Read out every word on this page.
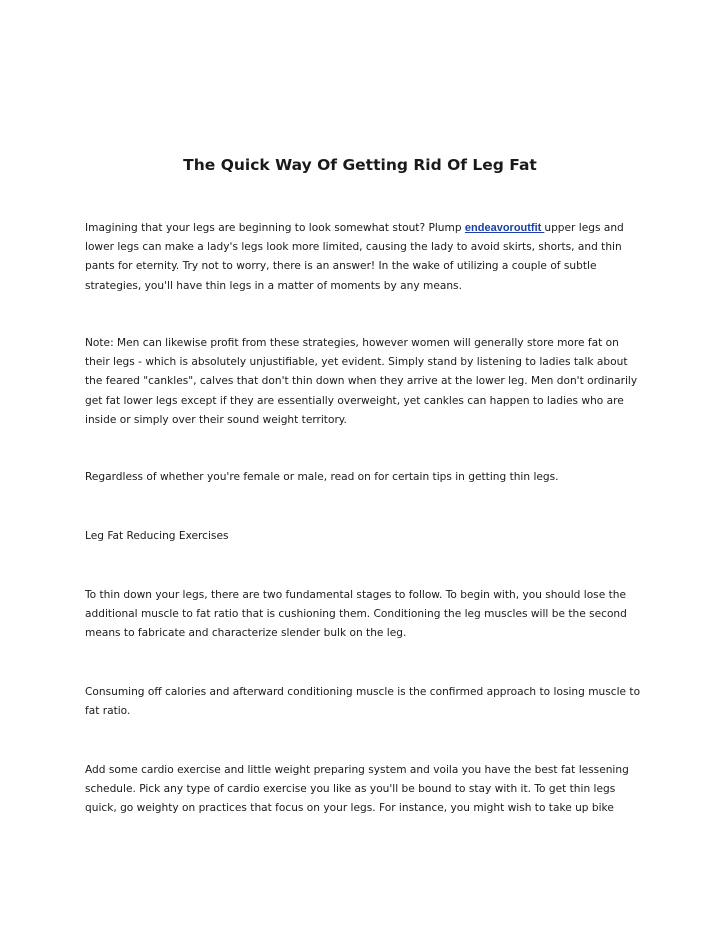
The Quick Way Of Getting Rid Of Leg Fat

Imagining that your legs are beginning to look somewhat stout? Plump endeavoroutfit upper legs and lower legs can make a lady's legs look more limited, causing the lady to avoid skirts, shorts, and thin pants for eternity. Try not to worry, there is an answer! In the wake of utilizing a couple of subtle strategies, you'll have thin legs in a matter of moments by any means.

Note: Men can likewise profit from these strategies, however women will generally store more fat on their legs - which is absolutely unjustifiable, yet evident. Simply stand by listening to ladies talk about the feared "cankles", calves that don't thin down when they arrive at the lower leg. Men don't ordinarily get fat lower legs except if they are essentially overweight, yet cankles can happen to ladies who are inside or simply over their sound weight territory.

Regardless of whether you're female or male, read on for certain tips in getting thin legs.

Leg Fat Reducing Exercises

To thin down your legs, there are two fundamental stages to follow. To begin with, you should lose the additional muscle to fat ratio that is cushioning them. Conditioning the leg muscles will be the second means to fabricate and characterize slender bulk on the leg.

Consuming off calories and afterward conditioning muscle is the confirmed approach to losing muscle to fat ratio.

Add some cardio exercise and little weight preparing system and voila you have the best fat lessening schedule. Pick any type of cardio exercise you like as you'll be bound to stay with it. To get thin legs quick, go weighty on practices that focus on your legs. For instance, you might wish to take up bike
